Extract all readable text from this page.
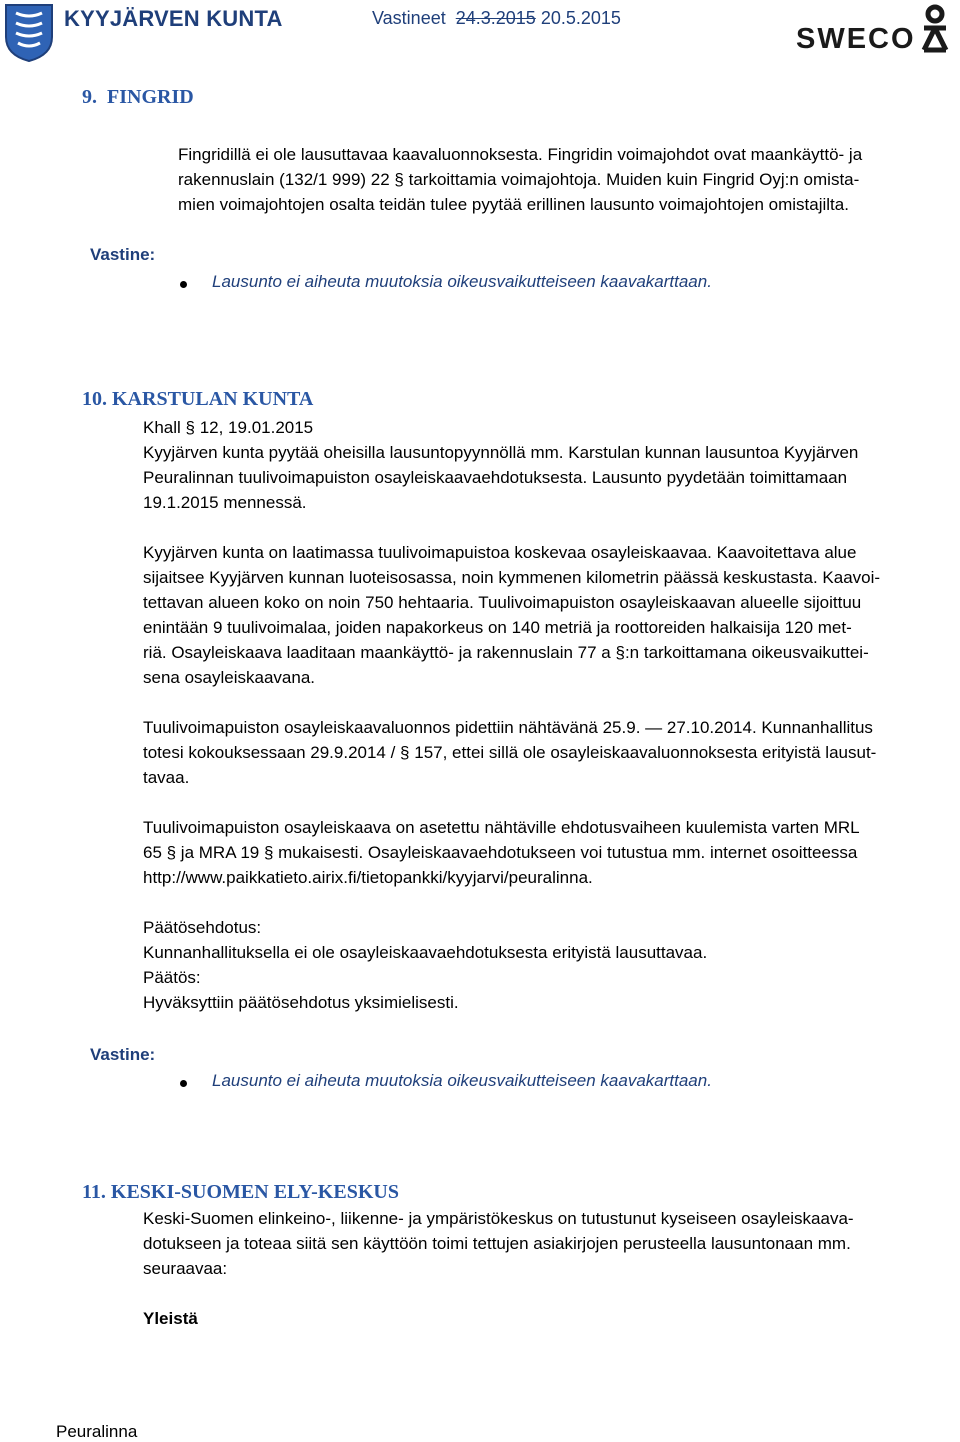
KYYJÄRVEN KUNTA	Vastineet 24.3.2015 20.5.2015
SWECO
9.  FINGRID
Fingridillä ei ole lausuttavaa kaavaluonnoksesta. Fingridin voimajohdot ovat maankäyttö- ja
rakennuslain (132/1 999) 22 § tarkoittamia voimajohtoja. Muiden kuin Fingrid Oyj:n omista-
mien voimajohtojen osalta teidän tulee pyytää erillinen lausunto voimajohtojen omistajilta.
Vastine:
Lausunto ei aiheuta muutoksia oikeusvaikutteiseen kaavakarttaan.
10. KARSTULAN KUNTA
Khall § 12, 19.01.2015
Kyyjärven kunta pyytää oheisilla lausuntopyynnöllä mm. Karstulan kunnan lausuntoa Kyyjärven
Peuralinnan tuulivoimapuiston osayleiskaavaehdotuksesta. Lausunto pyydetään toimittamaan
19.1.2015 mennessä.
Kyyjärven kunta on laatimassa tuulivoimapuistoa koskevaa osayleiskaavaa. Kaavoitettava alue
sijaitsee Kyyjärven kunnan luoteisosassa, noin kymmenen kilometrin päässä keskustasta. Kaavoi-
tettavan alueen koko on noin 750 hehtaaria. Tuulivoimapuiston osayleiskaavan alueelle sijoittuu
enintään 9 tuulivoimalaa, joiden napakorkeus on 140 metriä ja roottoreiden halkaisija 120 met-
riä. Osayleiskaava laaditaan maankäyttö- ja rakennuslain 77 a §:n tarkoittamana oikeusvaikuttei-
sena osayleiskaavana.
Tuulivoimapuiston osayleiskaavaluonnos pidettiin nähtävänä 25.9. — 27.10.2014. Kunnanhallitus
totesi kokouksessaan 29.9.2014 / § 157, ettei sillä ole osayleiskaavaluonnoksesta erityistä lausut-
tavaa.
Tuulivoimapuiston osayleiskaava on asetettu nähtäville ehdotusvaiheen kuulemista varten MRL
65 § ja MRA 19 § mukaisesti. Osayleiskaavaehdotukseen voi tutustua mm. internet osoitteessa
http://www.paikkatieto.airix.fi/tietopankki/kyyjarvi/peuralinna.
Päätösehdotus:
Kunnanhallituksella ei ole osayleiskaavaehdotuksesta erityistä lausuttavaa.
Päätös:
Hyväksyttiin päätösehdotus yksimielisesti.
Vastine:
Lausunto ei aiheuta muutoksia oikeusvaikutteiseen kaavakarttaan.
11. KESKI-SUOMEN ELY-KESKUS
Keski-Suomen elinkeino-, liikenne- ja ympäristökeskus on tutustunut kyseiseen osayleiskaava-
dotukseen ja toteaa siitä sen käyttöön toimi tettujen asiakirjojen perusteella lausuntonaan mm.
seuraavaa:
Yleistä
Peuralinna
